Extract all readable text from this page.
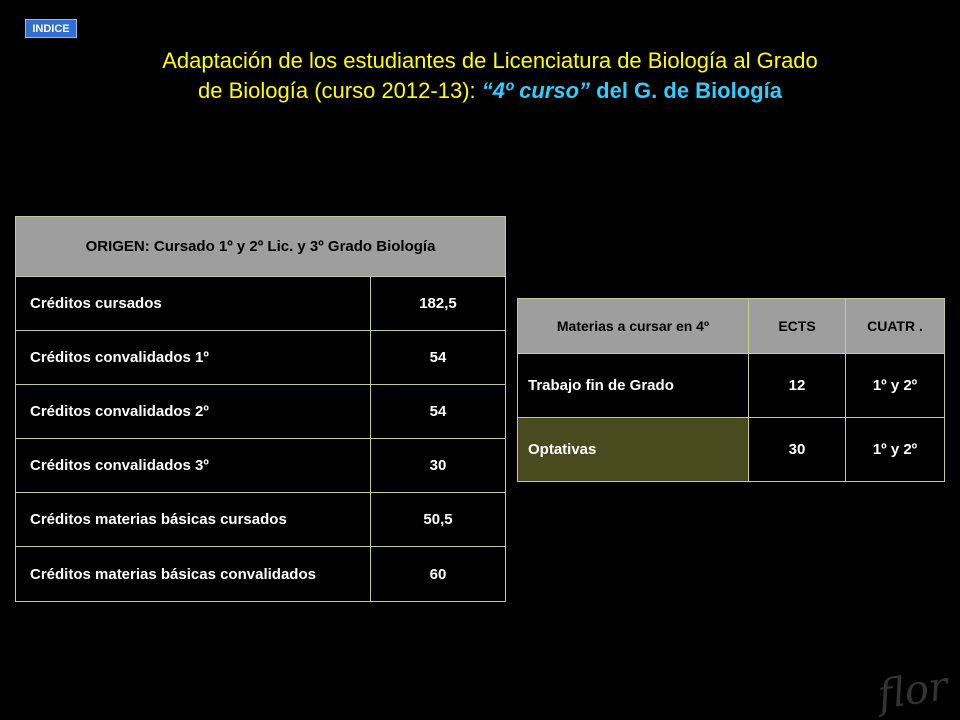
INDICE
Adaptación de los estudiantes de Licenciatura de Biología al Grado
de Biología (curso 2012-13): “4º curso” del G. de Biología
ORIGEN: Cursado 1º y 2º Lic. y 3º Grado Biología	
Créditos cursados	182,5
Créditos convalidados 1º	54
Créditos convalidados 2º	54
Créditos convalidados 3º	30
Créditos materias básicas cursados	50,5
Créditos materias básicas convalidados	60
Materias a cursar en 4º	ECTS	CUATR .
Trabajo fin de Grado	12	1º y 2º
Optativas	30	1º y 2º
flor
